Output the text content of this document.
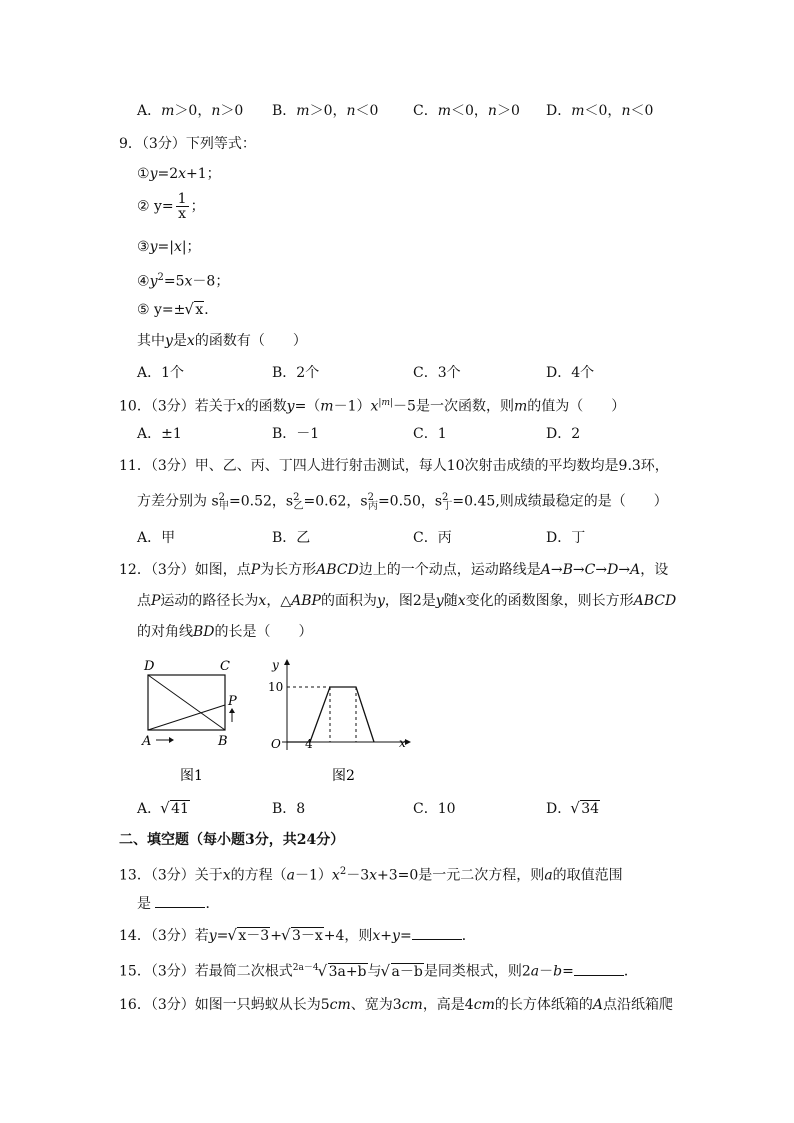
A．m＞0，n＞0 B．m＞0，n＜0 C．m＜0，n＞0 D．m＜0，n＜0
9．（3分）下列等式：
①y=2x+1；
② $y= \frac{1}{x}$ ；
③y=|x|；
$④y^2=5x-8$；
⑤ y=± √ x．
其中y是x的函数有（　　）
A．1个	B．2个	C．3个	D．4个
10．（3分）若关于x的函数$y=(m-1)x^{|m|}-5$是一次函数，则m的值为（　　）
A．±1	B．－1	C．1	D．2
11．（3分）甲、乙、丙、丁四人进行射击测试，每人10次射击成绩的平均数均是9.3环，
方差分别为 $s^2_甲=0.52$，$s^2_乙=0.62$，$s^2_丙=0.50$，$s^2_丁=0.45$,则成绩最稳定的是（　　）
A．甲	B．乙	C．丙	D．丁
12．（3分）如图，点P为长方形ABCD边上的一个动点，运动路线是A→B→C→D→A，设
点P运动的路径长为x，△ABP的面积为y，图2是y随x变化的函数图象，则长方形ABCD
的对角线BD的长是（　　）
D	C
A	B
P
图1
y
x
O 4
10
图2
A． √ 41	B．8	C．10	D． √ 34
二、填空题（每小题3分，共24分）
13．（3分）关于x的方程$(a-1)x^2-3x+3=0$是一元二次方程，则a的取值范围
是	．
14．（3分）若y= √ x－3+ √ 3－x+4，则x+y=	．
15．（3分）若最简二次根式$^{2a-4}$ √ 3a+b与 √ a－b是同类根式，则2a－b=	．
16．（3分）如图一只蚂蚁从长为5cm、宽为3cm，高是4cm的长方体纸箱的A点沿纸箱爬
